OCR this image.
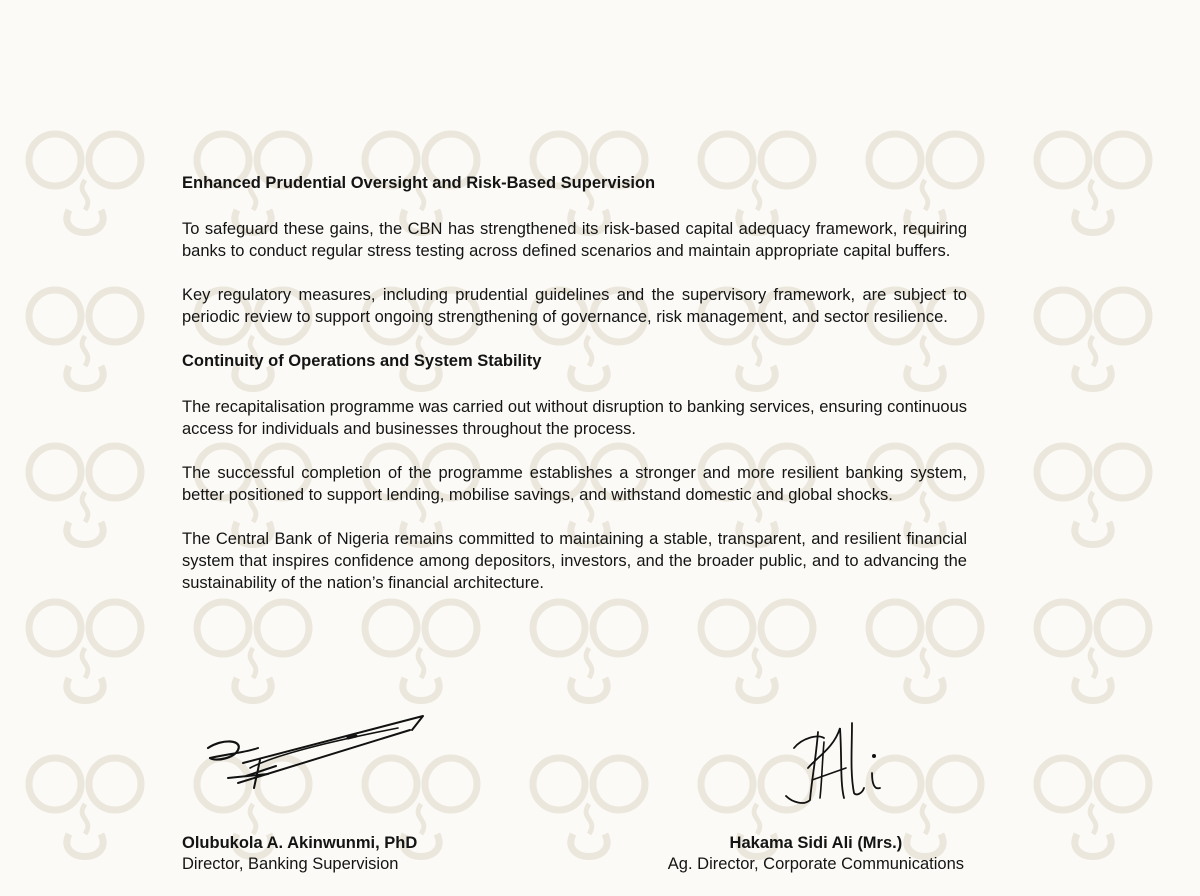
Enhanced Prudential Oversight and Risk-Based Supervision

To safeguard these gains, the CBN has strengthened its risk-based capital adequacy framework, requiring banks to conduct regular stress testing across defined scenarios and maintain appropriate capital buffers.

Key regulatory measures, including prudential guidelines and the supervisory framework, are subject to periodic review to support ongoing strengthening of governance, risk management, and sector resilience.

Continuity of Operations and System Stability

The recapitalisation programme was carried out without disruption to banking services, ensuring continuous access for individuals and businesses throughout the process.

The successful completion of the programme establishes a stronger and more resilient banking system, better positioned to support lending, mobilise savings, and withstand domestic and global shocks.

The Central Bank of Nigeria remains committed to maintaining a stable, transparent, and resilient financial system that inspires confidence among depositors, investors, and the broader public, and to advancing the sustainability of the nation’s financial architecture.

Olubukola A. Akinwunmi, PhD
Director, Banking Supervision
Hakama Sidi Ali (Mrs.)
Ag. Director, Corporate Communications
